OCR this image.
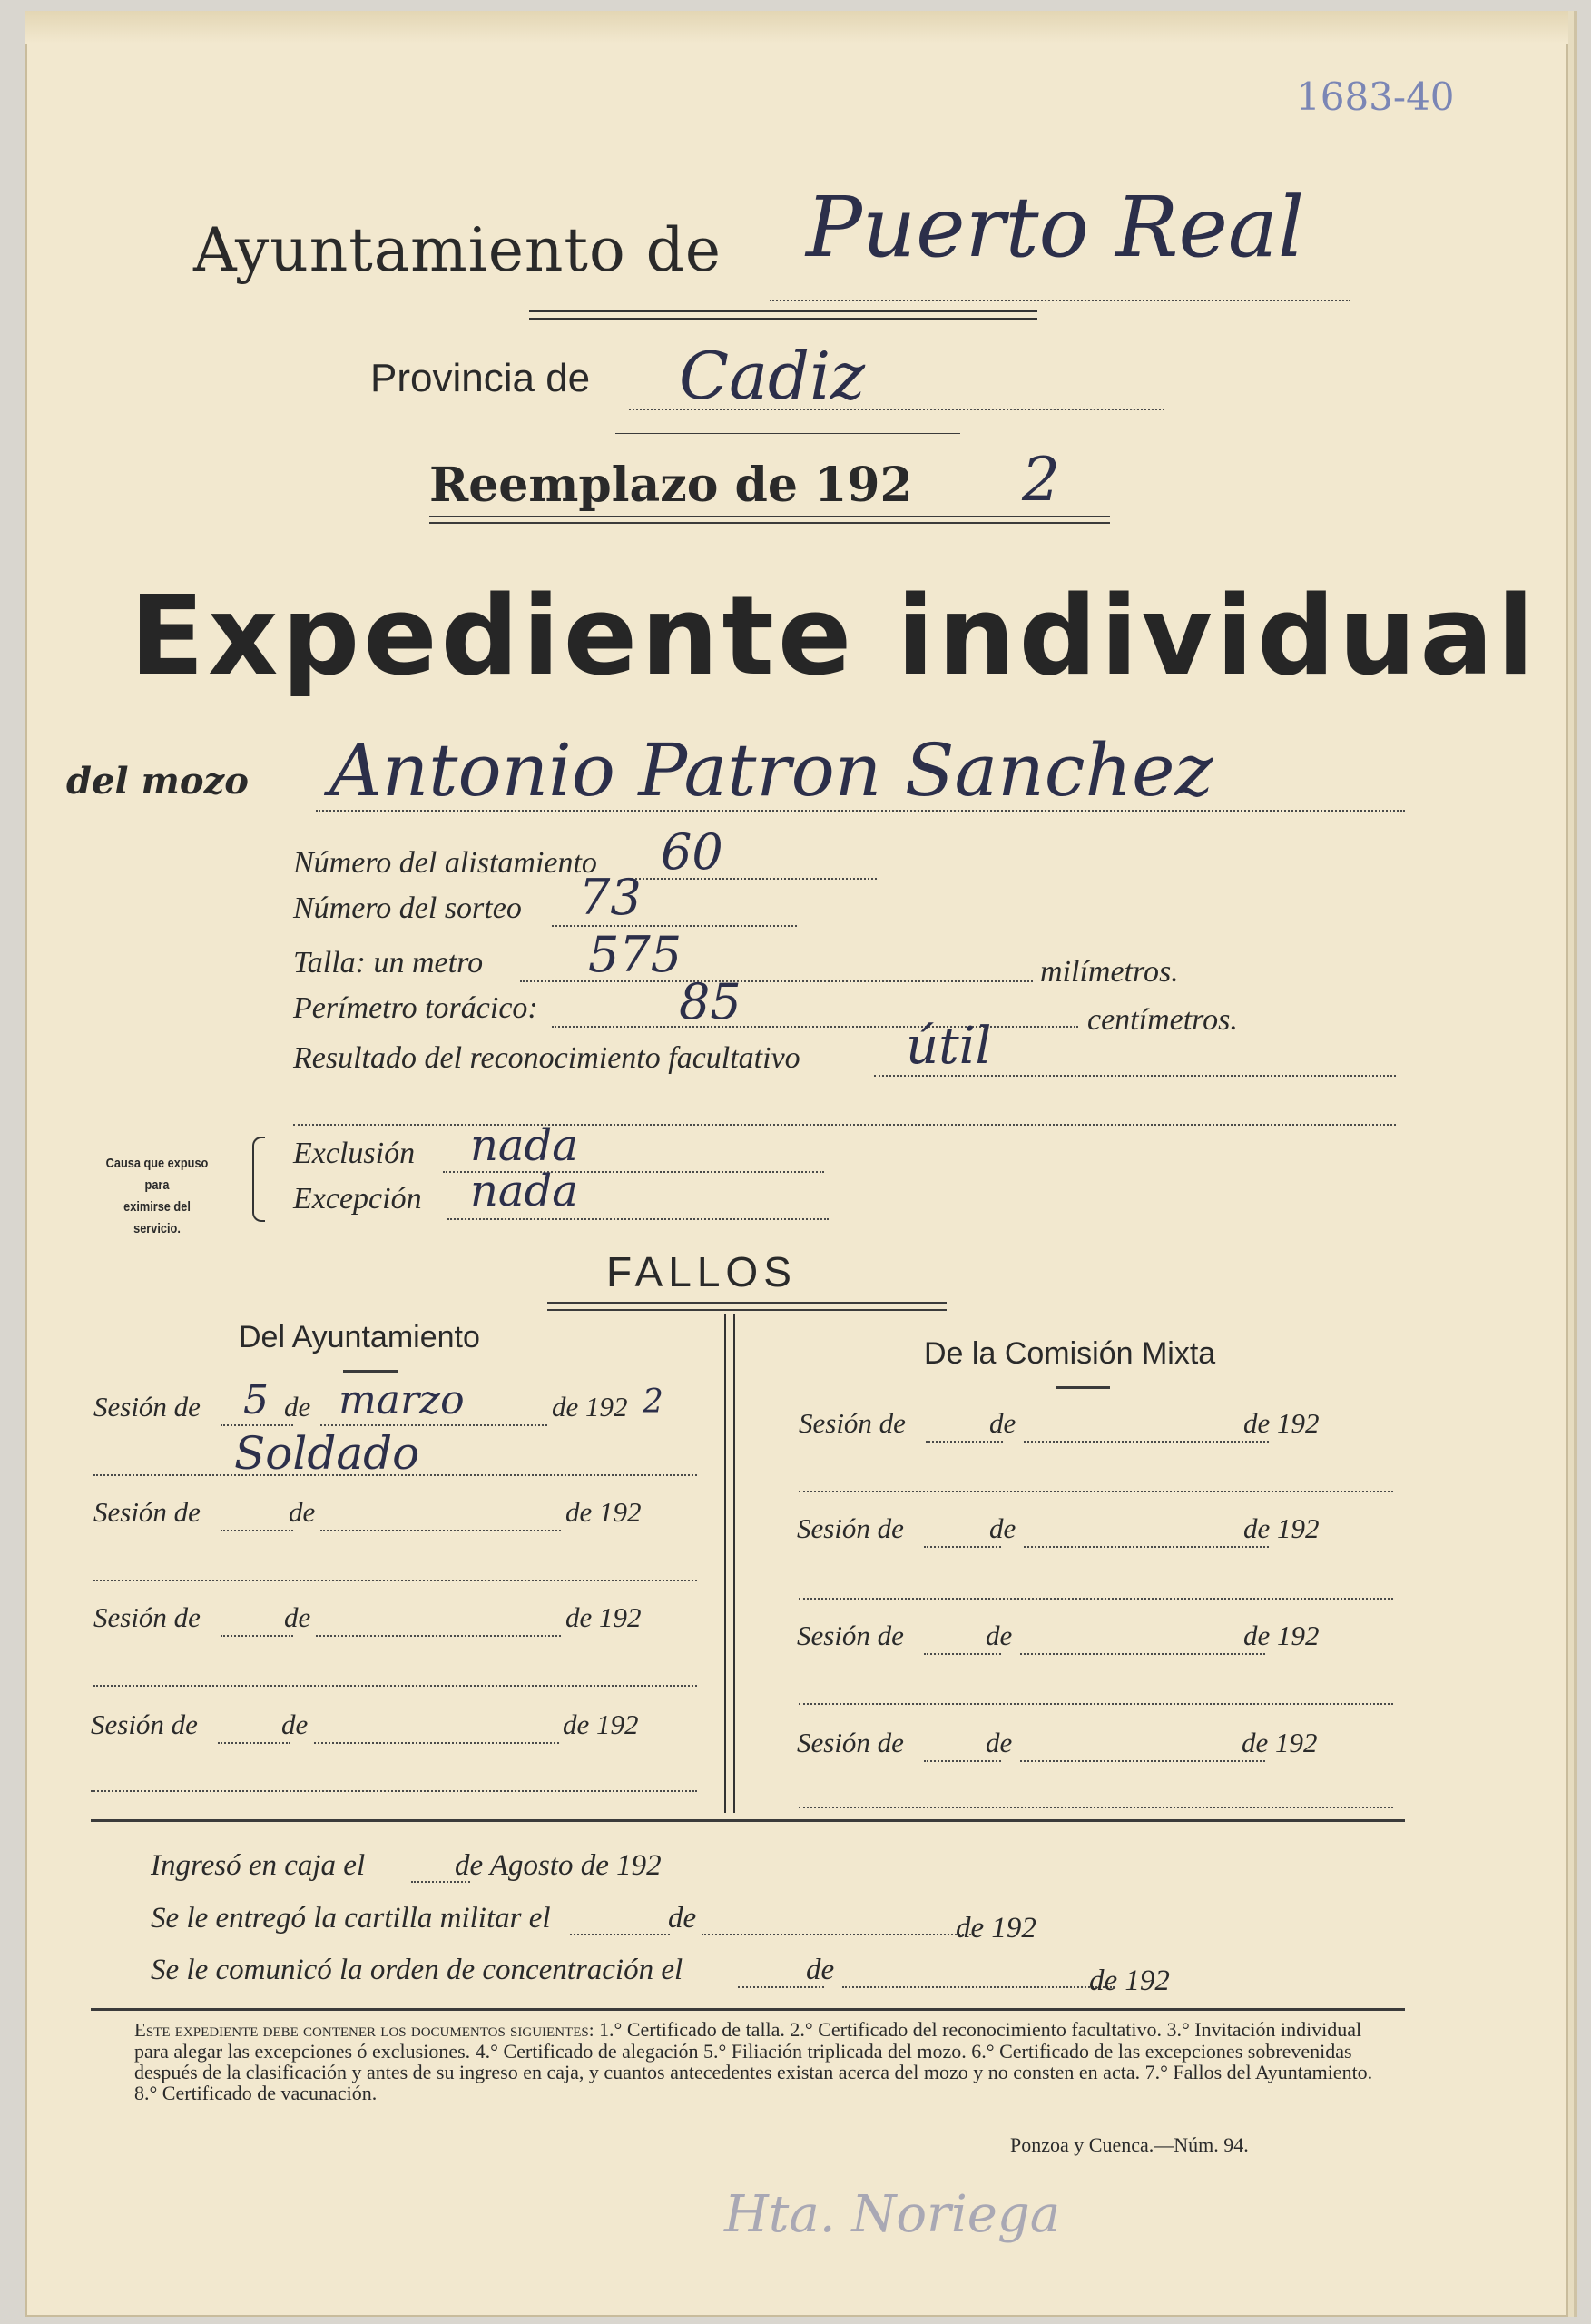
1683-40
Ayuntamiento de Puerto Real
Provincia de Cadiz
Reemplazo de 192 2
Expediente individual
del mozo Antonio Patron Sanchez
Número del alistamiento 60
Número del sorteo 73
Talla: un metro 575	milímetros.
Perímetro torácico:	85	centímetros.
Resultado del reconocimiento facultativo útil
Causa que expuso para
eximirse del servicio.
Exclusión nada
Excepción nada
FALLOS
Del Ayuntamiento	De la Comisión Mixta
Sesión de 5 de marzo	de 192 2
Soldado
Sesión de	de	de 192
Sesión de	de	de 192
Sesión de	de	de 192
Sesión de	de	de 192
Sesión de	de	de 192
Sesión de	de	de 192
Sesión de	de	de 192
Ingresó en caja el	de Agosto de 192
Se le entregó la cartilla militar el	de	de 192
Se le comunicó la orden de concentración el	de	de 192
Este expediente debe contener los documentos siguientes: 1.° Certificado de talla. 2.° Certificado del reconocimiento facultativo. 3.° Invitación individual para alegar las excepciones ó exclusiones. 4.° Certificado de alegación 5.° Filiación triplicada del mozo. 6.° Certificado de las excepciones sobrevenidas después de la clasificación y antes de su ingreso en caja, y cuantos antecedentes existan acerca del mozo y no consten en acta. 7.° Fallos del Ayuntamiento. 8.° Certificado de vacunación.
Ponzoa y Cuenca.—Núm. 94.
Hta. Noriega
